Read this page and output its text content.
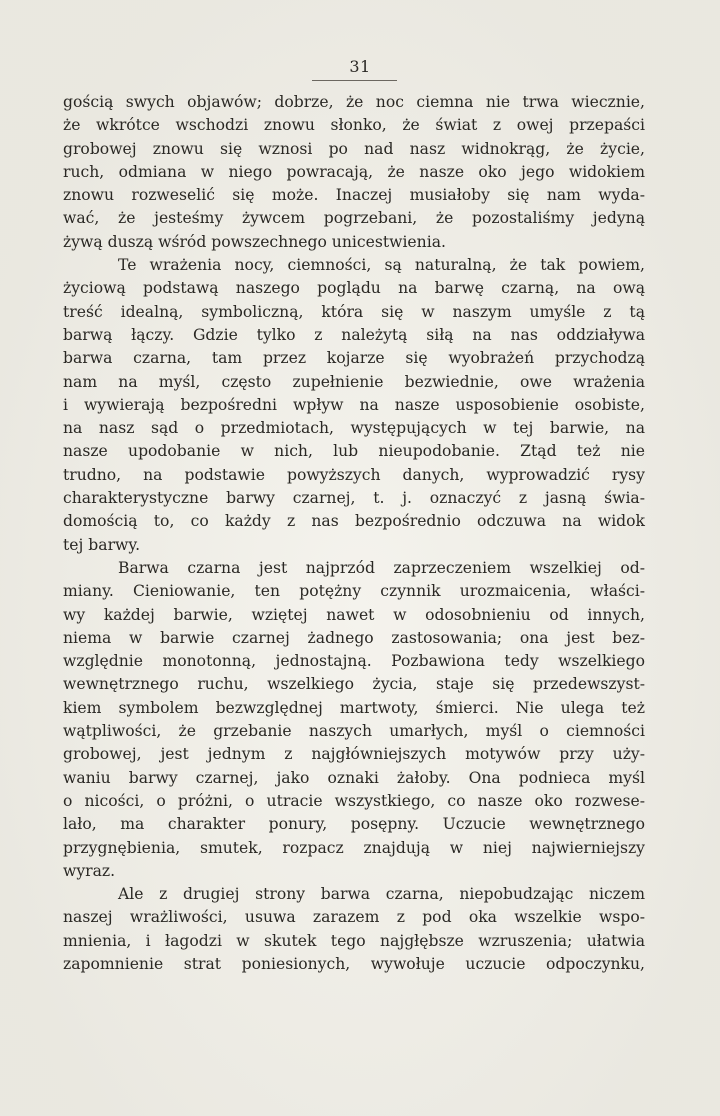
31
gością swych objawów; dobrze, że noc ciemna nie trwa wiecznie,
że wkrótce wschodzi znowu słonko, że świat z owej przepaści
grobowej znowu się wznosi po nad nasz widnokrąg, że życie,
ruch, odmiana w niego powracają, że nasze oko jego widokiem
znowu rozweselić się może. Inaczej musiałoby się nam wyda-
wać, że jesteśmy żywcem pogrzebani, że pozostaliśmy jedyną
żywą duszą wśród powszechnego unicestwienia.
Te wrażenia nocy, ciemności, są naturalną, że tak powiem,
życiową podstawą naszego poglądu na barwę czarną, na ową
treść idealną, symboliczną, która się w naszym umyśle z tą
barwą łączy. Gdzie tylko z należytą siłą na nas oddziaływa
barwa czarna, tam przez kojarze się wyobrażeń przychodzą
nam na myśl, często zupełnienie bezwiednie, owe wrażenia
i wywierają bezpośredni wpływ na nasze usposobienie osobiste,
na nasz sąd o przedmiotach, występujących w tej barwie, na
nasze upodobanie w nich, lub nieupodobanie. Ztąd też nie
trudno, na podstawie powyższych danych, wyprowadzić rysy
charakterystyczne barwy czarnej, t. j. oznaczyć z jasną świa-
domością to, co każdy z nas bezpośrednio odczuwa na widok
tej barwy.
Barwa czarna jest najprzód zaprzeczeniem wszelkiej od-
miany. Cieniowanie, ten potężny czynnik urozmaicenia, właści-
wy każdej barwie, wziętej nawet w odosobnieniu od innych,
niema w barwie czarnej żadnego zastosowania; ona jest bez-
względnie monotonną, jednostajną. Pozbawiona tedy wszelkiego
wewnętrznego ruchu, wszelkiego życia, staje się przedewszyst-
kiem symbolem bezwzględnej martwoty, śmierci. Nie ulega też
wątpliwości, że grzebanie naszych umarłych, myśl o ciemności
grobowej, jest jednym z najgłówniejszych motywów przy uży-
waniu barwy czarnej, jako oznaki żałoby. Ona podnieca myśl
o nicości, o próżni, o utracie wszystkiego, co nasze oko rozwese-
lało, ma charakter ponury, posępny. Uczucie wewnętrznego
przygnębienia, smutek, rozpacz znajdują w niej najwierniejszy
wyraz.
Ale z drugiej strony barwa czarna, niepobudzając niczem
naszej wrażliwości, usuwa zarazem z pod oka wszelkie wspo-
mnienia, i łagodzi w skutek tego najgłębsze wzruszenia; ułatwia
zapomnienie strat poniesionych, wywołuje uczucie odpoczynku,
